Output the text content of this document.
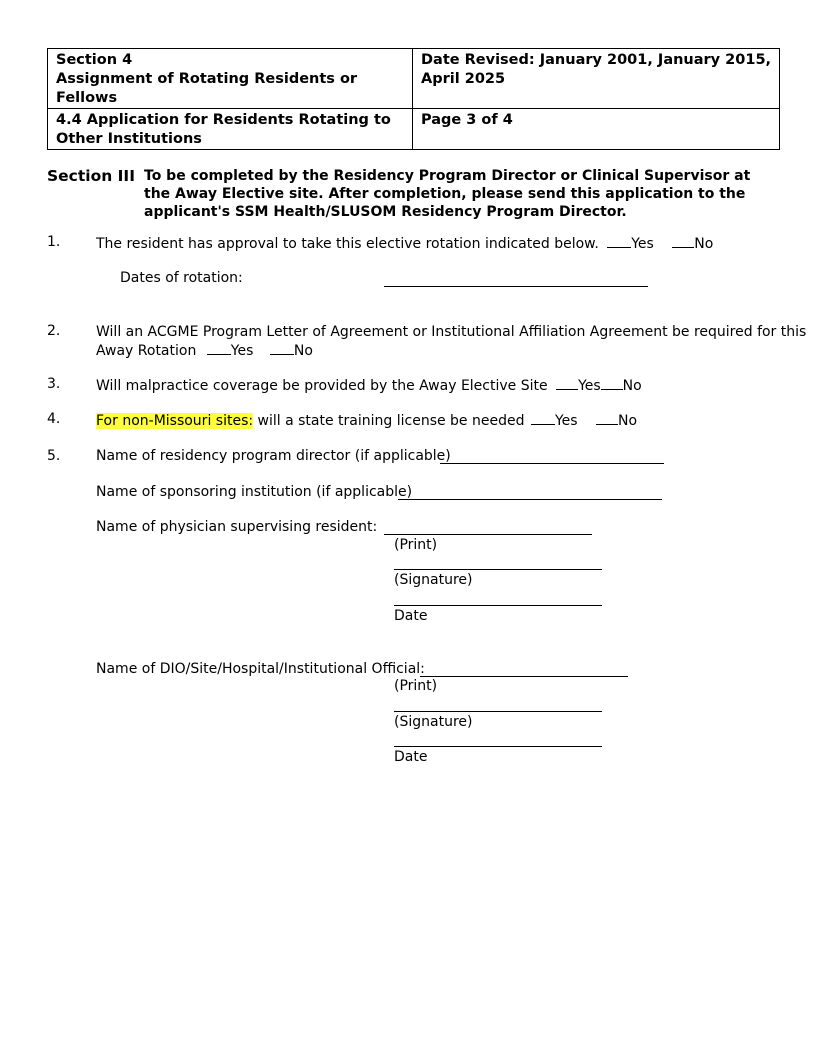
Section 4
Assignment of Rotating Residents or Fellows	Date Revised: January 2001, January 2015, April 2025

4.4 Application for Residents Rotating to Other Institutions	Page 3 of 4
Section III To be completed by the Residency Program Director or Clinical Supervisor at the Away Elective site. After completion, please send this application to the applicant's SSM Health/SLUSOM Residency Program Director.
1.	The resident has approval to take this elective rotation indicated below. Yes	No
Dates of rotation:
2.	Will an ACGME Program Letter of Agreement or Institutional Affiliation Agreement be required for this
Away Rotation Yes	No
3.	Will malpractice coverage be provided by the Away Elective Site Yes No
4.	For non-Missouri sites: will a state training license be needed Yes	No
5.	Name of residency program director (if applicable)
Name of sponsoring institution (if applicable)
Name of physician supervising resident:
(Print)
(Signature)
Date
Name of DIO/Site/Hospital/Institutional Official:
(Print)
(Signature)
Date
